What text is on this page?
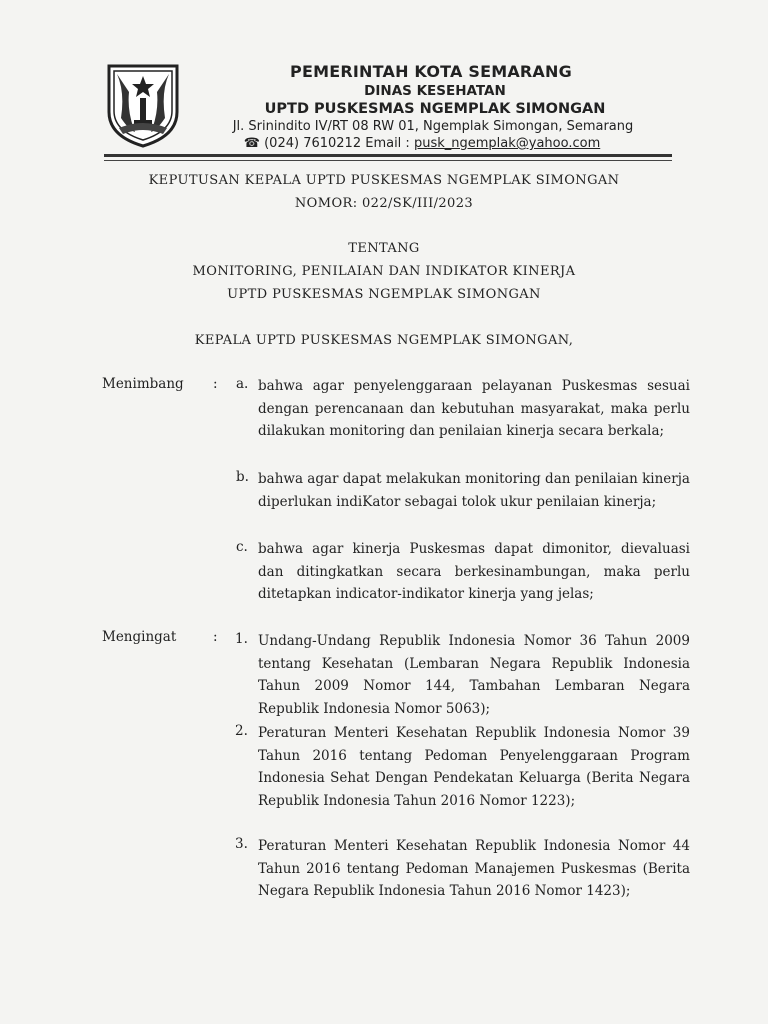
PEMERINTAH KOTA SEMARANG
DINAS KESEHATAN
UPTD PUSKESMAS NGEMPLAK SIMONGAN
Jl. Srinindito IV/RT 08 RW 01, Ngemplak Simongan, Semarang
☎ (024) 7610212 Email : pusk_ngemplak@yahoo.com
KEPUTUSAN KEPALA UPTD PUSKESMAS NGEMPLAK SIMONGAN
NOMOR: 022/SK/III/2023
TENTANG
MONITORING, PENILAIAN DAN INDIKATOR KINERJA
UPTD PUSKESMAS NGEMPLAK SIMONGAN
KEPALA UPTD PUSKESMAS NGEMPLAK SIMONGAN,
Menimbang : a. bahwa agar penyelenggaraan pelayanan Puskesmas sesuai dengan perencanaan dan kebutuhan masyarakat, maka perlu dilakukan monitoring dan penilaian kinerja secara berkala;
b. bahwa agar dapat melakukan monitoring dan penilaian kinerja diperlukan indiKator sebagai tolok ukur penilaian kinerja;
c. bahwa agar kinerja Puskesmas dapat dimonitor, dievaluasi dan ditingkatkan secara berkesinambungan, maka perlu ditetapkan indicator-indikator kinerja yang jelas;
Mengingat	: 1. Undang-Undang Republik Indonesia Nomor 36 Tahun 2009 tentang Kesehatan (Lembaran Negara Republik Indonesia Tahun 2009 Nomor 144, Tambahan Lembaran Negara Republik Indonesia Nomor 5063);
2. Peraturan Menteri Kesehatan Republik Indonesia Nomor 39 Tahun 2016 tentang Pedoman Penyelenggaraan Program Indonesia Sehat Dengan Pendekatan Keluarga (Berita Negara Republik Indonesia Tahun 2016 Nomor 1223);
3. Peraturan Menteri Kesehatan Republik Indonesia Nomor 44 Tahun 2016 tentang Pedoman Manajemen Puskesmas (Berita Negara Republik Indonesia Tahun 2016 Nomor 1423);
